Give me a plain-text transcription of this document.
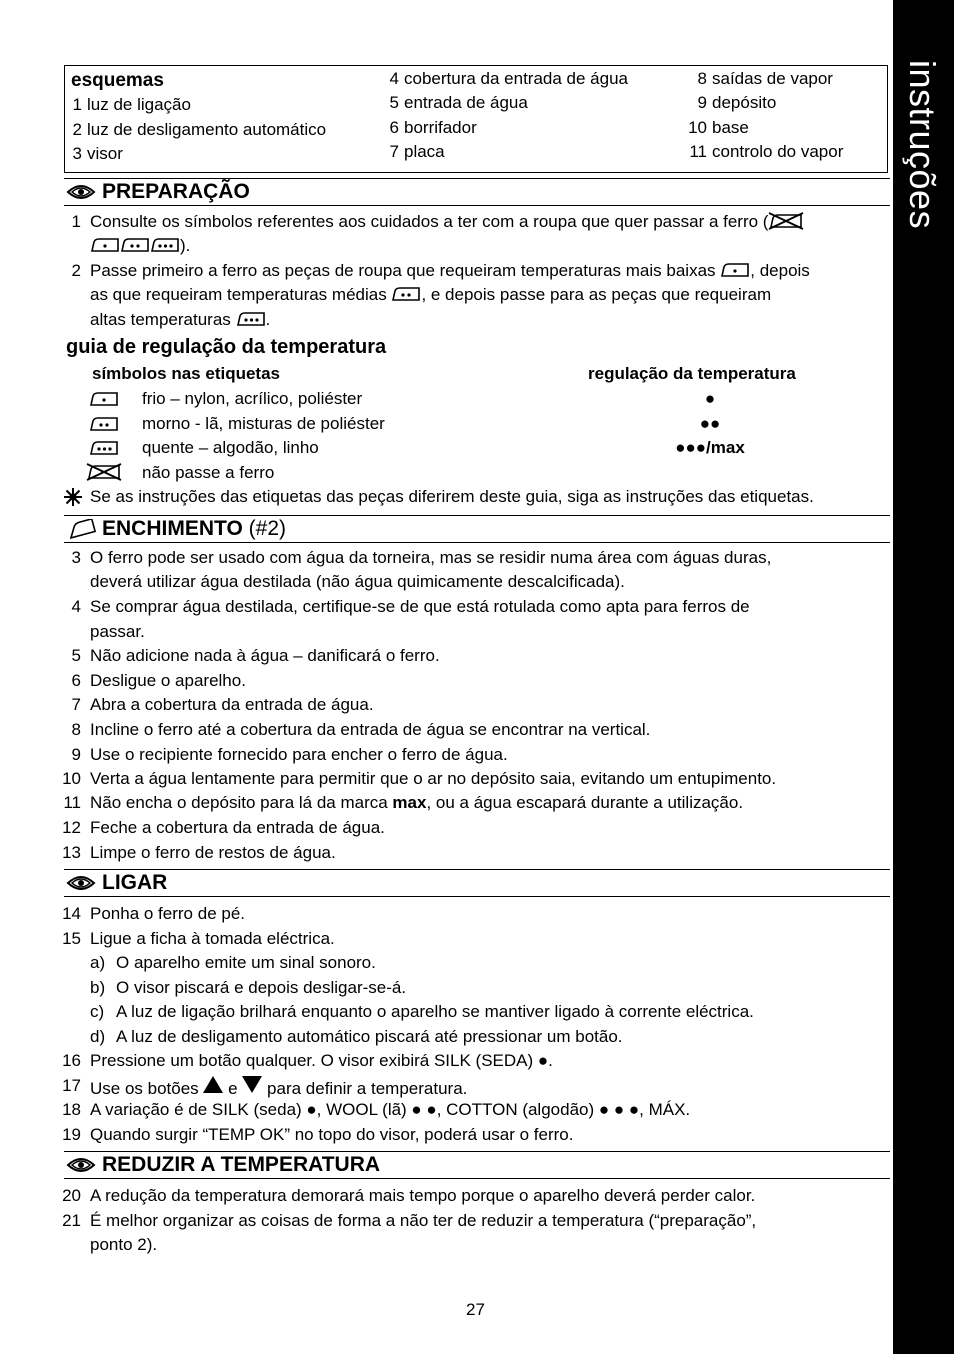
instruções
esquemas
1 luz de ligação
2 luz de desligamento automático
3 visor
4 cobertura da entrada de água
5 entrada de água
6 borrifador
7 placa
8 saídas de vapor
9 depósito
10 base
11 controlo do vapor
PREPARAÇÃO
1 Consulte os símbolos referentes aos cuidados a ter com a roupa que quer passar a ferro (
).
2 Passe primeiro a ferro as peças de roupa que requeiram temperaturas mais baixas , depois
as que requeiram temperaturas médias , e depois passe para as peças que requeiram
altas temperaturas .
guia de regulação da temperatura
símbolos nas etiquetas	regulação da temperatura
frio – nylon, acrílico, poliéster	●
morno - lã, misturas de poliéster	●●
quente – algodão, linho	●●●/max
não passe a ferro
Se as instruções das etiquetas das peças diferirem deste guia, siga as instruções das etiquetas.
ENCHIMENTO (#2)
3 O ferro pode ser usado com água da torneira, mas se residir numa área com águas duras,
deverá utilizar água destilada (não água quimicamente descalcificada).
4 Se comprar água destilada, certifique-se de que está rotulada como apta para ferros de
passar.
5 Não adicione nada à água – danificará o ferro.
6 Desligue o aparelho.
7 Abra a cobertura da entrada de água.
8 Incline o ferro até a cobertura da entrada de água se encontrar na vertical.
9 Use o recipiente fornecido para encher o ferro de água.
10 Verta a água lentamente para permitir que o ar no depósito saia, evitando um entupimento.
11 Não encha o depósito para lá da marca max, ou a água escapará durante a utilização.
12 Feche a cobertura da entrada de água.
13 Limpe o ferro de restos de água.
LIGAR
14 Ponha o ferro de pé.
15 Ligue a ficha à tomada eléctrica.
a) O aparelho emite um sinal sonoro.
b) O visor piscará e depois desligar-se-á.
c) A luz de ligação brilhará enquanto o aparelho se mantiver ligado à corrente eléctrica.
d) A luz de desligamento automático piscará até pressionar um botão.
16 Pressione um botão qualquer. O visor exibirá SILK (SEDA) ●.
17 Use os botões  e  para definir a temperatura.
18 A variação é de SILK (seda) ●, WOOL (lã) ● ●, COTTON (algodão) ● ● ●, MÁX.
19 Quando surgir “TEMP OK” no topo do visor, poderá usar o ferro.
REDUZIR A TEMPERATURA
20 A redução da temperatura demorará mais tempo porque o aparelho deverá perder calor.
21 É melhor organizar as coisas de forma a não ter de reduzir a temperatura (“preparação”,
ponto 2).
27
